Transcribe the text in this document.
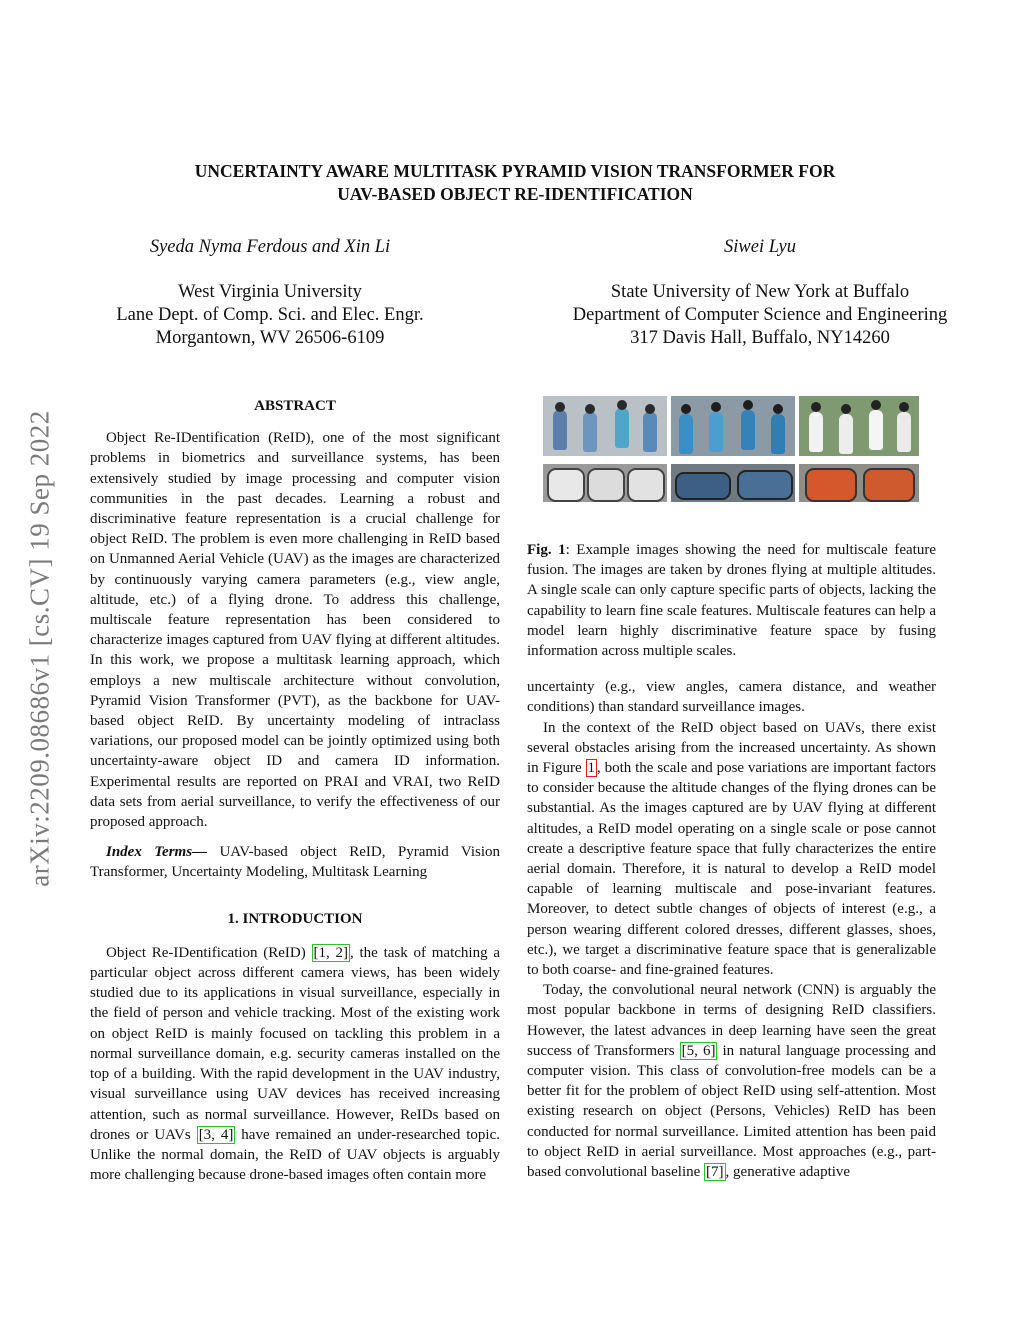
arXiv:2209.08686v1 [cs.CV] 19 Sep 2022
UNCERTAINTY AWARE MULTITASK PYRAMID VISION TRANSFORMER FOR
UAV-BASED OBJECT RE-IDENTIFICATION
Syeda Nyma Ferdous and Xin Li
West Virginia University
Lane Dept. of Comp. Sci. and Elec. Engr.
Morgantown, WV 26506-6109
Siwei Lyu
State University of New York at Buffalo
Department of Computer Science and Engineering
317 Davis Hall, Buffalo, NY14260
ABSTRACT

Object Re-IDentification (ReID), one of the most significant problems in biometrics and surveillance systems, has been extensively studied by image processing and computer vision communities in the past decades. Learning a robust and discriminative feature representation is a crucial challenge for object ReID. The problem is even more challenging in ReID based on Unmanned Aerial Vehicle (UAV) as the images are characterized by continuously varying camera parameters (e.g., view angle, altitude, etc.) of a flying drone. To address this challenge, multiscale feature representation has been considered to characterize images captured from UAV flying at different altitudes. In this work, we propose a multitask learning approach, which employs a new multiscale architecture without convolution, Pyramid Vision Transformer (PVT), as the backbone for UAV-based object ReID. By uncertainty modeling of intraclass variations, our proposed model can be jointly optimized using both uncertainty-aware object ID and camera ID information. Experimental results are reported on PRAI and VRAI, two ReID data sets from aerial surveillance, to verify the effectiveness of our proposed approach.

Index Terms— UAV-based object ReID, Pyramid Vision Transformer, Uncertainty Modeling, Multitask Learning

1. INTRODUCTION

Object Re-IDentification (ReID) [1, 2] , the task of matching a particular object across different camera views, has been widely studied due to its applications in visual surveillance, especially in the field of person and vehicle tracking. Most of the existing work on object ReID is mainly focused on tackling this problem in a normal surveillance domain, e.g. security cameras installed on the top of a building. With the rapid development in the UAV industry, visual surveillance using UAV devices has received increasing attention, such as normal surveillance. However, ReIDs based on drones or UAVs [3, 4] have remained an under-researched topic. Unlike the normal domain, the ReID of UAV objects is arguably more challenging because drone-based images often contain more

Fig. 1: Example images showing the need for multiscale feature fusion. The images are taken by drones flying at multiple altitudes. A single scale can only capture specific parts of objects, lacking the capability to learn fine scale features. Multiscale features can help a model learn highly discriminative feature space by fusing information across multiple scales.

uncertainty (e.g., view angles, camera distance, and weather conditions) than standard surveillance images.

In the context of the ReID object based on UAVs, there exist several obstacles arising from the increased uncertainty. As shown in Figure 1 , both the scale and pose variations are important factors to consider because the altitude changes of the flying drones can be substantial. As the images captured are by UAV flying at different altitudes, a ReID model operating on a single scale or pose cannot create a descriptive feature space that fully characterizes the entire aerial domain. Therefore, it is natural to develop a ReID model capable of learning multiscale and pose-invariant features. Moreover, to detect subtle changes of objects of interest (e.g., a person wearing different colored dresses, different glasses, shoes, etc.), we target a discriminative feature space that is generalizable to both coarse- and fine-grained features.

Today, the convolutional neural network (CNN) is arguably the most popular backbone in terms of designing ReID classifiers. However, the latest advances in deep learning have seen the great success of Transformers [5, 6] in natural language processing and computer vision. This class of convolution-free models can be a better fit for the problem of object ReID using self-attention. Most existing research on object (Persons, Vehicles) ReID has been conducted for normal surveillance. Limited attention has been paid to object ReID in aerial surveillance. Most approaches (e.g., part-based convolutional baseline [7] , generative adaptive
